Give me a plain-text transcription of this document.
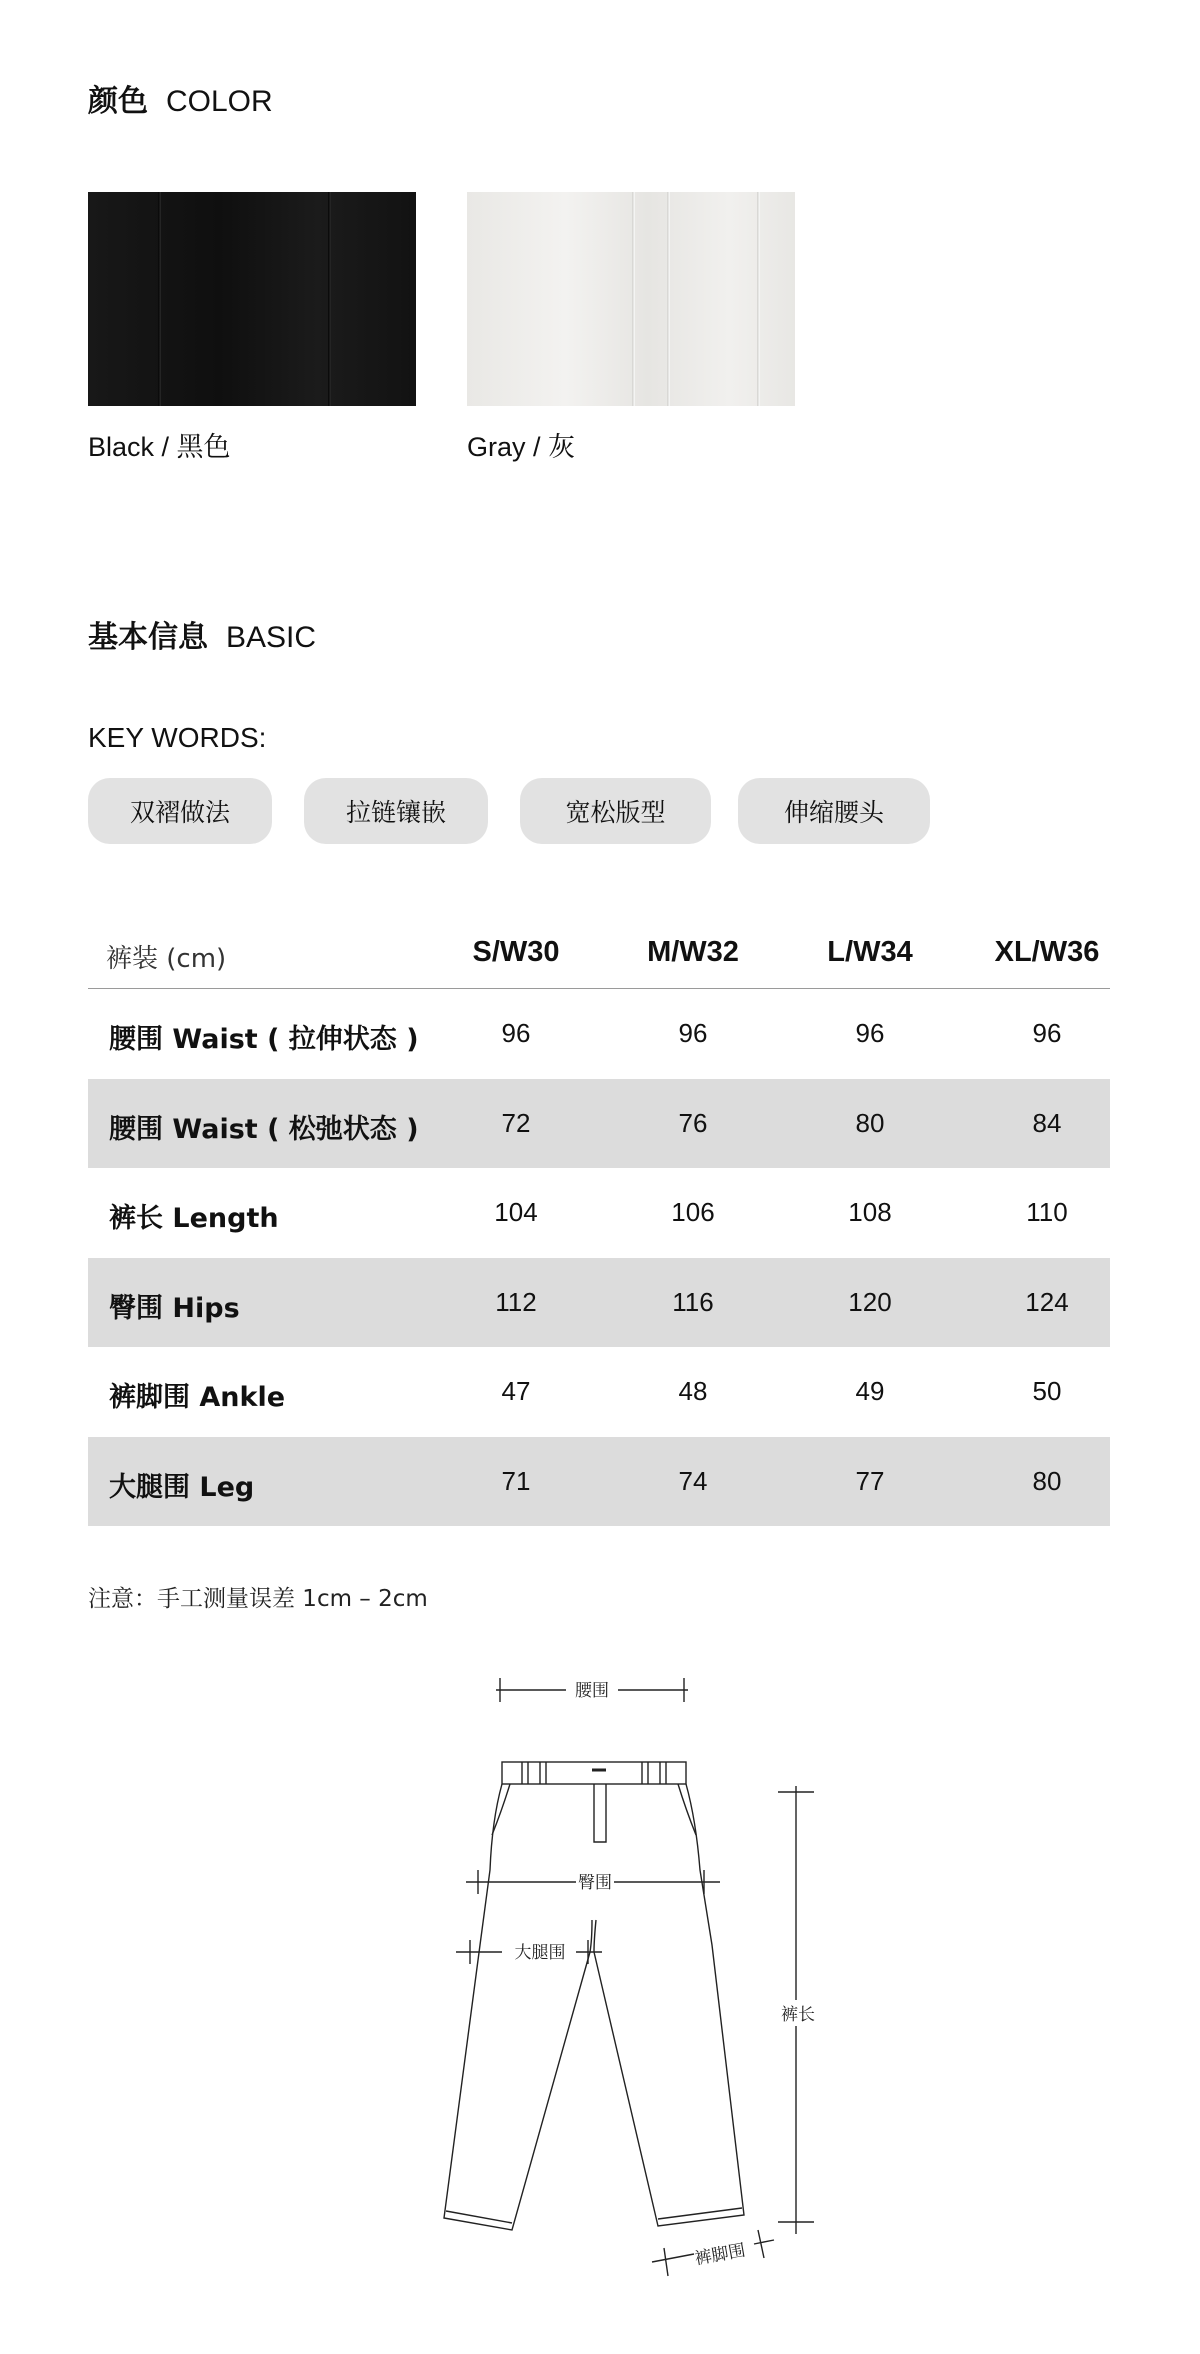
颜色 COLOR
Black / 黑色	Gray / 灰
基本信息 BASIC
KEY WORDS:
双褶做法	拉链镶嵌	宽松版型	伸缩腰头
裤装 (cm)	S/W30	M/W32	L/W34	XL/W36
腰围 Waist ( 拉伸状态 )	96	96	96	96
腰围 Waist ( 松弛状态 )	72	76	80	84
裤长 Length	104	106	108	110
臀围 Hips	112	116	120	124
裤脚围 Ankle	47	48	49	50
大腿围 Leg	71	74	77	80
注意：手工测量误差 1cm – 2cm
腰围
臀围
大腿围
裤长
裤脚围
